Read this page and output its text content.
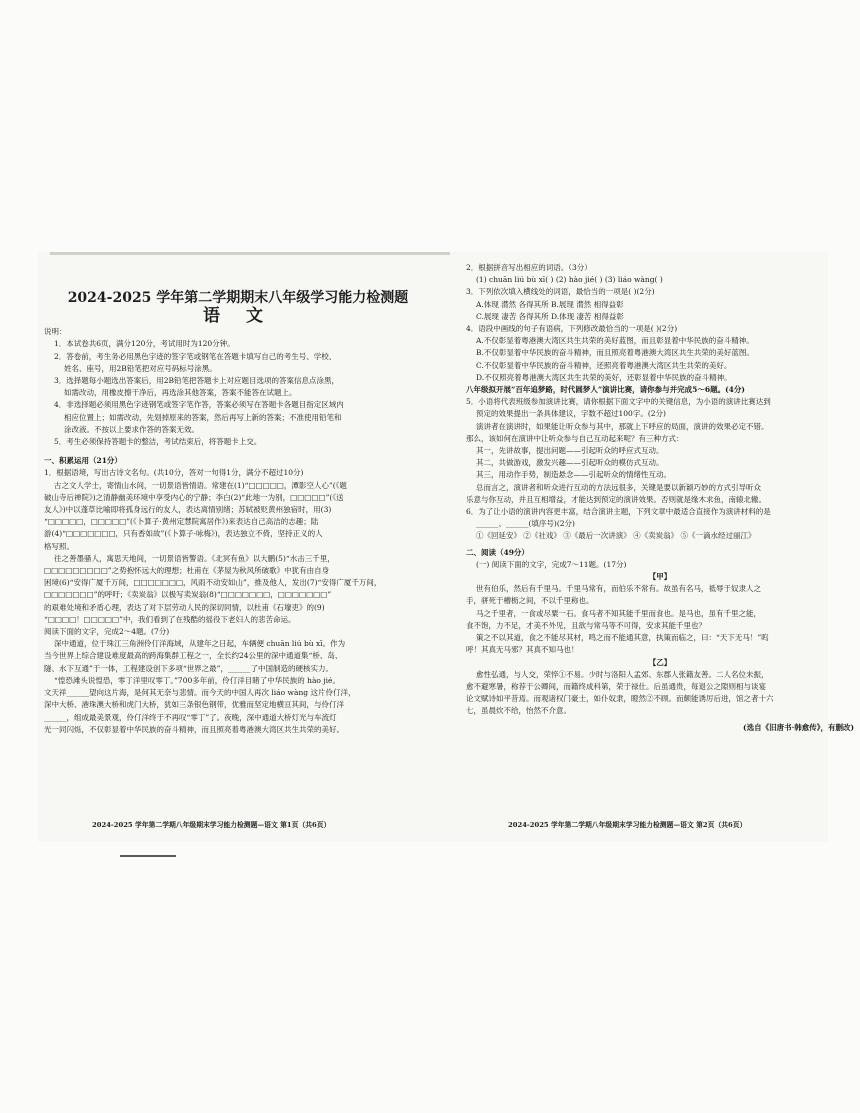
2024-2025 学年第二学期期末八年级学习能力检测题
语 文
说明：
1．本试卷共6页，满分120分，考试用时为120分钟。
2．答卷前，考生务必用黑色字迹的签字笔或钢笔在答题卡填写自己的考生号、学校、
姓名、座号，用2B铅笔把对应号码标号涂黑。
3．选择题每小题选出答案后，用2B铅笔把答题卡上对应题目选项的答案信息点涂黑，
如需改动，用橡皮擦干净后，再选涂其他答案，答案不能答在试题上。
4．非选择题必须用黑色字迹钢笔或签字笔作答，答案必须写在答题卡各题目指定区域内
相应位置上；如需改动，先划掉原来的答案，然后再写上新的答案；不准使用铅笔和
涂改液。不按以上要求作答的答案无效。
5．考生必须保持答题卡的整洁，考试结束后，将答题卡上交。
一、积累运用（21分）
1．根据语境，写出古诗文名句。(共10分，答对一句得1分，满分不超过10分)
古之文人学士，寄情山水间，一切景语皆情语。常建在(1)“□□□□□，潭影空人心”(《题
破山寺后禅院》)之清静幽美环境中享受内心的宁静；李白(2)“此地一为别，□□□□□”(《送
友人》)中以蓬草比喻即将孤身远行的友人，表达离情别绪；苏轼被贬黄州独宿时，用(3)
“□□□□□，□□□□□”(《卜算子·黄州定慧院寓居作》)来表达自己高洁的志趣；陆
游(4)“□□□□□□□，只有香如故”(《卜算子·咏梅》)，表达独立不倚，坚持正义的人
格写照。
往之善墨骚人，寓思天地间，一切景语皆警语。《北冥有鱼》以大鹏(5)“水击三千里，
□□□□□□□□□”之势抱怀远大的理想；杜甫在《茅屋为秋风所破歌》中犹有由自身
困境(6)“安得广厦千万间，□□□□□□□，风雨不动安如山”，推及他人，发出(7)“安得广厦千万间，
□□□□□□□”的呼吁；《卖炭翁》以极写卖炭翁(8)“□□□□□□□，□□□□□□□”
的艰难处境和矛盾心理，表达了对下层劳动人民的深切同情，以杜甫《石壕吏》的(9)
“□□□□！□□□□□”中，我们看到了在残酷的徭役下老妇人的悲苦命运。
阅读下面的文字，完成2～4题。(7分)
深中通道，位于珠江三角洲伶仃洋海域，从建年之日起，车辆便 chuān liú bù xī。作为
当今世界上综合建设难度最高的跨海集群工程之一，全长约24公里的深中通道集“桥、岛、
隧、水下互通”于一体，工程建设创下多项“世界之最”，______了中国制造的硬核实力。
“惶恐滩头说惶恐，零丁洋里叹零丁。”700多年前，伶仃洋目睹了中华民族的 hào jié。
文天祥______望向这片海，是何其无奈与悲情。而今天的中国人再次 liáo wàng 这片伶仃洋，
深中大桥、港珠澳大桥和虎门大桥，犹如三条银色钢带，优雅而坚定地横亘其间，与伶仃洋
______，组成最美景观，伶仃洋终于不再叹“零丁”了。夜晚，深中通道大桥灯光与车流灯
光一同闪烁，不仅彰显着中华民族的奋斗精神，而且照亮着粤港澳大湾区共生共荣的美好。
2024-2025 学年第二学期八年级期末学习能力检测题—语文 第1页（共6页）
2．根据拼音写出相应的词语。（3分）
(1) chuān liú bù xī( ) (2) hào jié( ) (3) liáo wàng( )
3．下列依次填入横线处的词语，最恰当的一项是( )(2分)
A.体现 潸然 各得其所 B.展现 潸然 相得益彰
C.展现 凄苦 各得其所 D.体现 凄苦 相得益彰
4．语段中画线的句子有语病，下列修改最恰当的一项是( )(2分)
A.不仅彰显着粤港澳大湾区共生共荣的美好蓝图，而且彰显着中华民族的奋斗精神。
B.不仅彰显着中华民族的奋斗精神，而且照亮着粤港澳大湾区共生共荣的美好蓝图。
C.不仅彰显着中华民族的奋斗精神，还照亮着粤港澳大湾区共生共荣的美好。
D.不仅照亮着粤港澳大湾区共生共荣的美好，还彰显着中华民族的奋斗精神。
八年级拟开展“百年追梦路，时代圆梦人”演讲比赛，请你参与并完成5～6题。(4分)
5．小语将代表班级参加演讲比赛，请你根据下面文字中的关键信息，为小语的演讲比赛达到
预定的效果提出一条具体建议，字数不超过100字。(2分)
演讲者在演讲时，如果能让听众参与其中，那就上下呼应的局面，演讲的效果必定不错。
那么，该如何在演讲中让听众参与自己互动起来呢？有三种方式：
其一，先讲故事，提出问题——引起听众的呼应式互动。
其二，共做游戏，激发兴趣——引起听众的模仿式互动。
其三，用动作手势，制造悬念——引起听众的情绪性互动。
总而言之，演讲者和听众进行互动的方法远很多，关键是要以新颖巧妙的方式引导听众
乐意与你互动，并且互相增益，才能达到预定的演讲效果。否则就是缘木求鱼，南辕北辙。
6．为了让小语的演讲内容更丰富，结合演讲主题，下列文章中最适合直接作为演讲材料的是
______、______(填序号)(2分)
①《回延安》 ②《社戏》 ③《最后一次讲演》 ④《卖炭翁》 ⑤《一滴水经过丽江》
二、阅读（49分）
(一) 阅读下面的文字，完成7～11题。(17分)
【甲】
世有伯乐，然后有千里马。千里马常有，而伯乐不常有。故虽有名马，祗辱于奴隶人之
手，骈死于槽枥之间，不以千里称也。
马之千里者，一食或尽粟一石。食马者不知其能千里而食也。是马也，虽有千里之能，
食不饱，力不足，才美不外见，且欲与常马等不可得，安求其能千里也？
策之不以其道，食之不能尽其材，鸣之而不能通其意，执策而临之，曰：“天下无马！”呜
呼！其真无马邪？其真不知马也！
【乙】
愈性弘通，与人交，荣悴①不易。少时与洛阳人孟郊、东郡人张籍友善。二人名位未振，
愈不避寒暑，称荐于公卿间，而籍终成科第，荣于禄仕。后虽通贵，每退公之隙则相与谈宴
论文赋诗如平昔焉。而观诸权门豪士，如仆奴隶，瞪然②不顾。而颇能诱厉后进，馆之者十六
七，虽晨炊不给，怡然不介意。
(选自《旧唐书·韩愈传》，有删改)
2024-2025 学年第二学期八年级期末学习能力检测题—语文 第2页（共6页）
